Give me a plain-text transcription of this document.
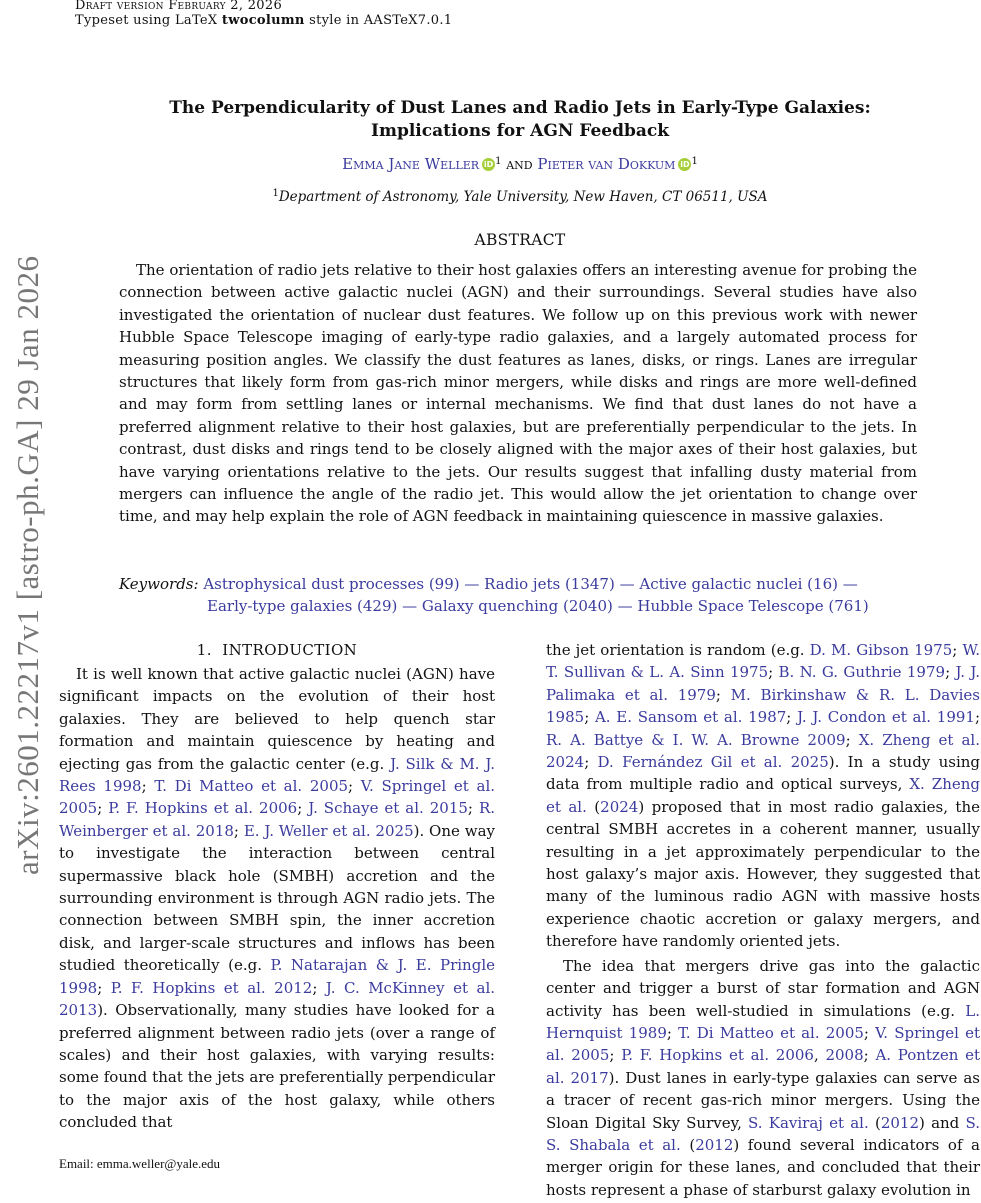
Draft version February 2, 2026
Typeset using LaTeX twocolumn style in AASTeX7.0.1
arXiv:2601.22217v1 [astro-ph.GA] 29 Jan 2026
The Perpendicularity of Dust Lanes and Radio Jets in Early-Type Galaxies:
Implications for AGN Feedback
Emma Jane Weller iD $^1$ and Pieter van Dokkum iD $^1$
$^1$Department of Astronomy, Yale University, New Haven, CT 06511, USA
ABSTRACT

The orientation of radio jets relative to their host galaxies offers an interesting avenue for probing the connection between active galactic nuclei (AGN) and their surroundings. Several studies have also investigated the orientation of nuclear dust features. We follow up on this previous work with newer Hubble Space Telescope imaging of early-type radio galaxies, and a largely automated process for measuring position angles. We classify the dust features as lanes, disks, or rings. Lanes are irregular structures that likely form from gas-rich minor mergers, while disks and rings are more well-defined and may form from settling lanes or internal mechanisms. We find that dust lanes do not have a preferred alignment relative to their host galaxies, but are preferentially perpendicular to the jets. In contrast, dust disks and rings tend to be closely aligned with the major axes of their host galaxies, but have varying orientations relative to the jets. Our results suggest that infalling dusty material from mergers can influence the angle of the radio jet. This would allow the jet orientation to change over time, and may help explain the role of AGN feedback in maintaining quiescence in massive galaxies.

Keywords: Astrophysical dust processes (99) — Radio jets (1347) — Active galactic nuclei (16) —
Early-type galaxies (429) — Galaxy quenching (2040) — Hubble Space Telescope (761)
1. INTRODUCTION

It is well known that active galactic nuclei (AGN) have significant impacts on the evolution of their host galaxies. They are believed to help quench star formation and maintain quiescence by heating and ejecting gas from the galactic center (e.g. J. Silk & M. J. Rees 1998; T. Di Matteo et al. 2005; V. Springel et al. 2005; P. F. Hopkins et al. 2006; J. Schaye et al. 2015; R. Weinberger et al. 2018; E. J. Weller et al. 2025). One way to investigate the interaction between central supermassive black hole (SMBH) accretion and the surrounding environment is through AGN radio jets. The connection between SMBH spin, the inner accretion disk, and larger-scale structures and inflows has been studied theoretically (e.g. P. Natarajan & J. E. Pringle 1998; P. F. Hopkins et al. 2012; J. C. McKinney et al. 2013). Observationally, many studies have looked for a preferred alignment between radio jets (over a range of scales) and their host galaxies, with varying results: some found that the jets are preferentially perpendicular to the major axis of the host galaxy, while others concluded that

Email: emma.weller@yale.edu

the jet orientation is random (e.g. D. M. Gibson 1975; W. T. Sullivan & L. A. Sinn 1975; B. N. G. Guthrie 1979; J. J. Palimaka et al. 1979; M. Birkinshaw & R. L. Davies 1985; A. E. Sansom et al. 1987; J. J. Condon et al. 1991; R. A. Battye & I. W. A. Browne 2009; X. Zheng et al. 2024; D. Fernández Gil et al. 2025). In a study using data from multiple radio and optical surveys, X. Zheng et al. (2024) proposed that in most radio galaxies, the central SMBH accretes in a coherent manner, usually resulting in a jet approximately perpendicular to the host galaxy’s major axis. However, they suggested that many of the luminous radio AGN with massive hosts experience chaotic accretion or galaxy mergers, and therefore have randomly oriented jets.

The idea that mergers drive gas into the galactic center and trigger a burst of star formation and AGN activity has been well-studied in simulations (e.g. L. Hernquist 1989; T. Di Matteo et al. 2005; V. Springel et al. 2005; P. F. Hopkins et al. 2006, 2008; A. Pontzen et al. 2017). Dust lanes in early-type galaxies can serve as a tracer of recent gas-rich minor mergers. Using the Sloan Digital Sky Survey, S. Kaviraj et al. (2012) and S. S. Shabala et al. (2012) found several indicators of a merger origin for these lanes, and concluded that their hosts represent a phase of starburst galaxy evolution in
